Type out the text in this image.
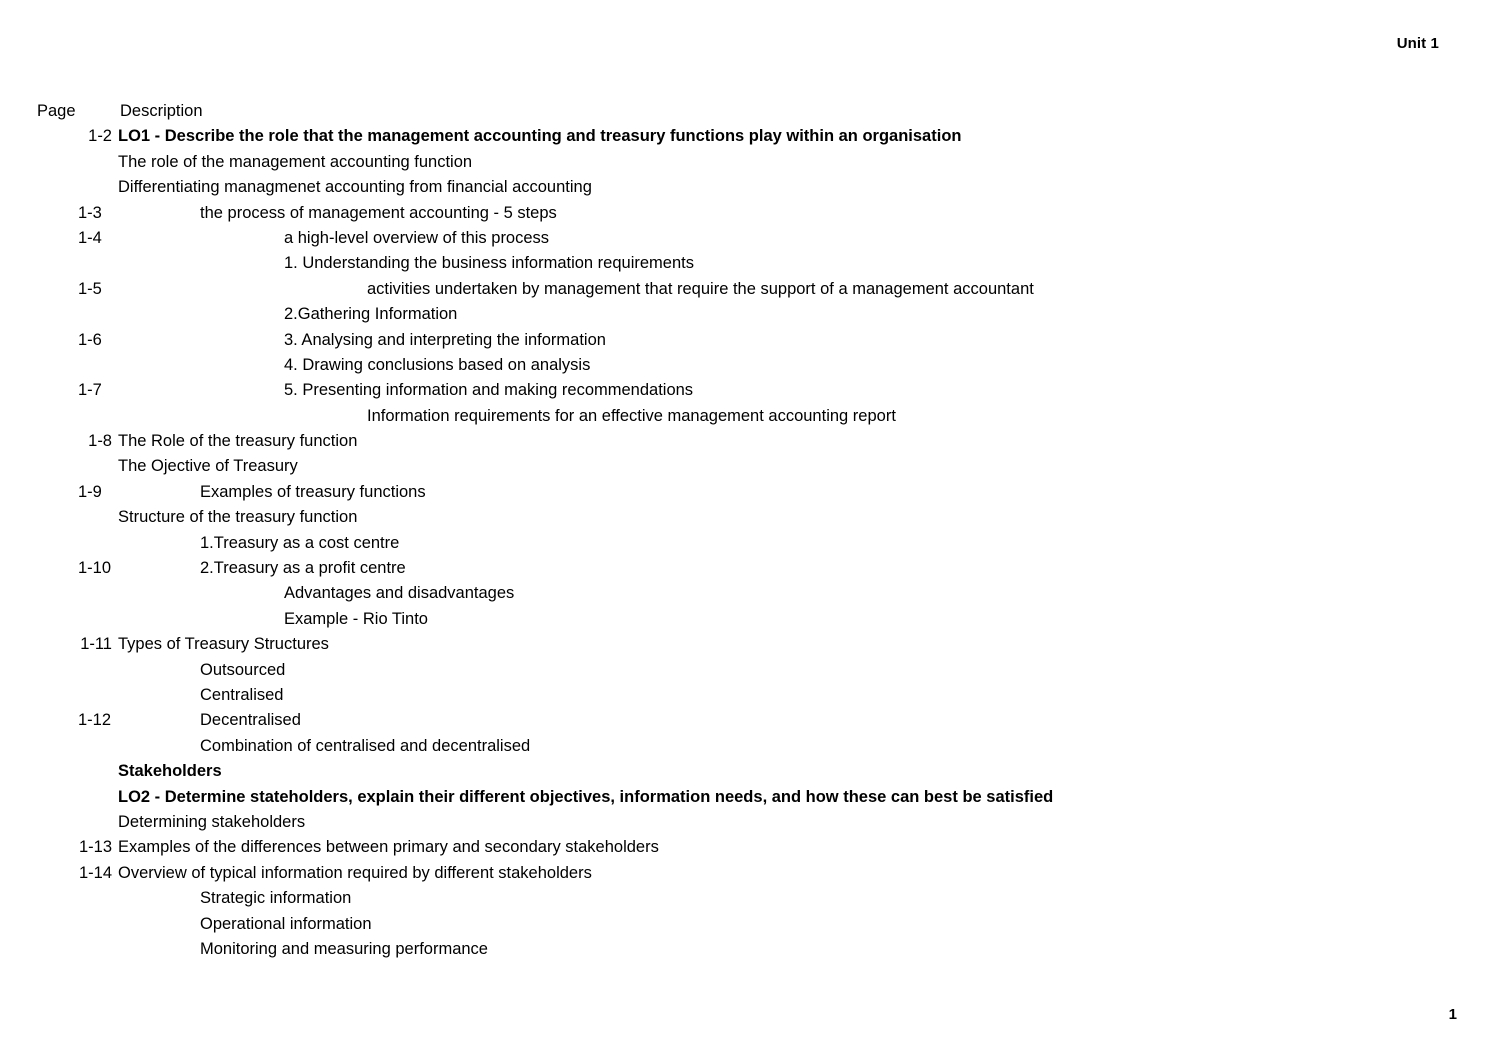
Unit 1
Page	Description
1-2 LO1 - Describe the role that the management accounting and treasury functions play within an organisation
The role of the management accounting function
Differentiating managmenet accounting from financial accounting
1-3	the process of management accounting - 5 steps
1-4	a high-level overview of this process
1. Understanding the business information requirements
1-5	activities undertaken by management that require the support of a management accountant
2.Gathering Information
1-6	3. Analysing and interpreting the information
4. Drawing conclusions based on analysis
1-7	5. Presenting information and making recommendations
Information requirements for an effective management accounting report
1-8 The Role of the treasury function
The Ojective of Treasury
1-9	Examples of treasury functions
Structure of the treasury function
1.Treasury as a cost centre
1-10	2.Treasury as a profit centre
Advantages and disadvantages
Example - Rio Tinto
1-11 Types of Treasury Structures
Outsourced
Centralised
1-12	Decentralised
Combination of centralised and decentralised
Stakeholders
LO2 - Determine stateholders, explain their different objectives, information needs, and how these can best be satisfied
Determining stakeholders
1-13 Examples of the differences between primary and secondary stakeholders
1-14 Overview of typical information required by different stakeholders
Strategic information
Operational information
Monitoring and measuring performance
1
